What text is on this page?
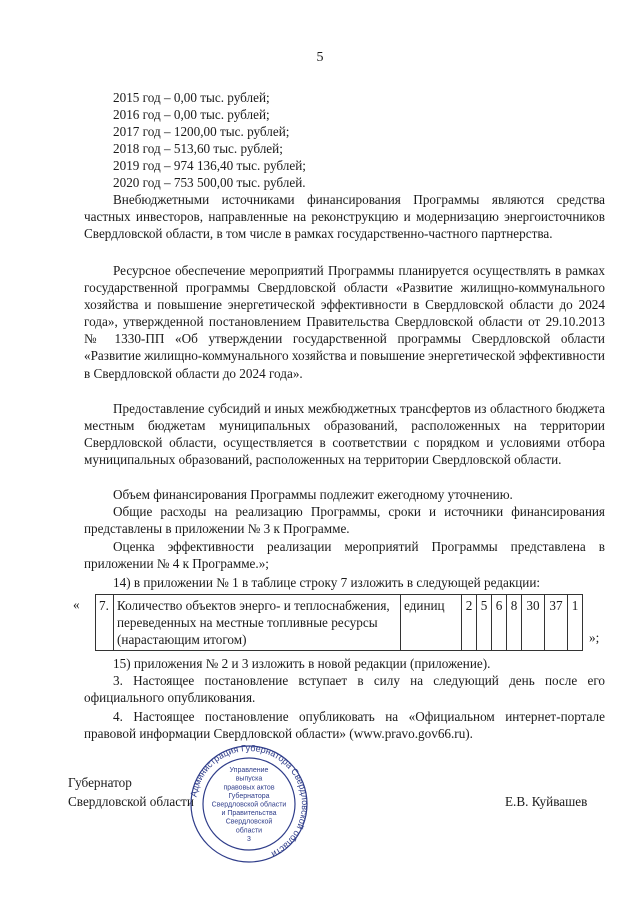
5
2015 год – 0,00 тыс. рублей;
2016 год – 0,00 тыс. рублей;
2017 год – 1200,00 тыс. рублей;
2018 год – 513,60 тыс. рублей;
2019 год – 974 136,40 тыс. рублей;
2020 год – 753 500,00 тыс. рублей.

Внебюджетными источниками финансирования Программы являются средства частных инвесторов, направленные на реконструкцию и модернизацию энергоисточников Свердловской области, в том числе в рамках государственно-частного партнерства.

Ресурсное обеспечение мероприятий Программы планируется осуществлять в рамках государственной программы Свердловской области «Развитие жилищно-коммунального хозяйства и повышение энергетической эффективности в Свердловской области до 2024 года», утвержденной постановлением Правительства Свердловской области от 29.10.2013 № 1330-ПП «Об утверждении государственной программы Свердловской области «Развитие жилищно-коммунального хозяйства и повышение энергетической эффективности в Свердловской области до 2024 года».

Предоставление субсидий и иных межбюджетных трансфертов из областного бюджета местным бюджетам муниципальных образований, расположенных на территории Свердловской области, осуществляется в соответствии с порядком и условиями отбора муниципальных образований, расположенных на территории Свердловской области.

Объем финансирования Программы подлежит ежегодному уточнению.

Общие расходы на реализацию Программы, сроки и источники финансирования представлены в приложении № 3 к Программе.

Оценка эффективности реализации мероприятий Программы представлена в приложении № 4 к Программе.»;

14) в приложении № 1 в таблице строку 7 изложить в следующей редакции:
« 7.	Количество объектов энерго- и теплоснабжения, переведенных на местные топливные ресурсы (нарастающим итогом)	единиц	2	5	6	8	30	37	1
»;
15) приложения № 2 и 3 изложить в новой редакции (приложение).

3. Настоящее постановление вступает в силу на следующий день после его официального опубликования.

4. Настоящее постановление опубликовать на «Официальном интернет-портале правовой информации Свердловской области» (www.pravo.gov66.ru).

Губернатор
Свердловской области	Е.В. Куйвашев
Администрация Губернатора Свердловской области
Управление
выпуска
правовых актов
Губернатора
Свердловской области
и Правительства
Свердловской
области
3
